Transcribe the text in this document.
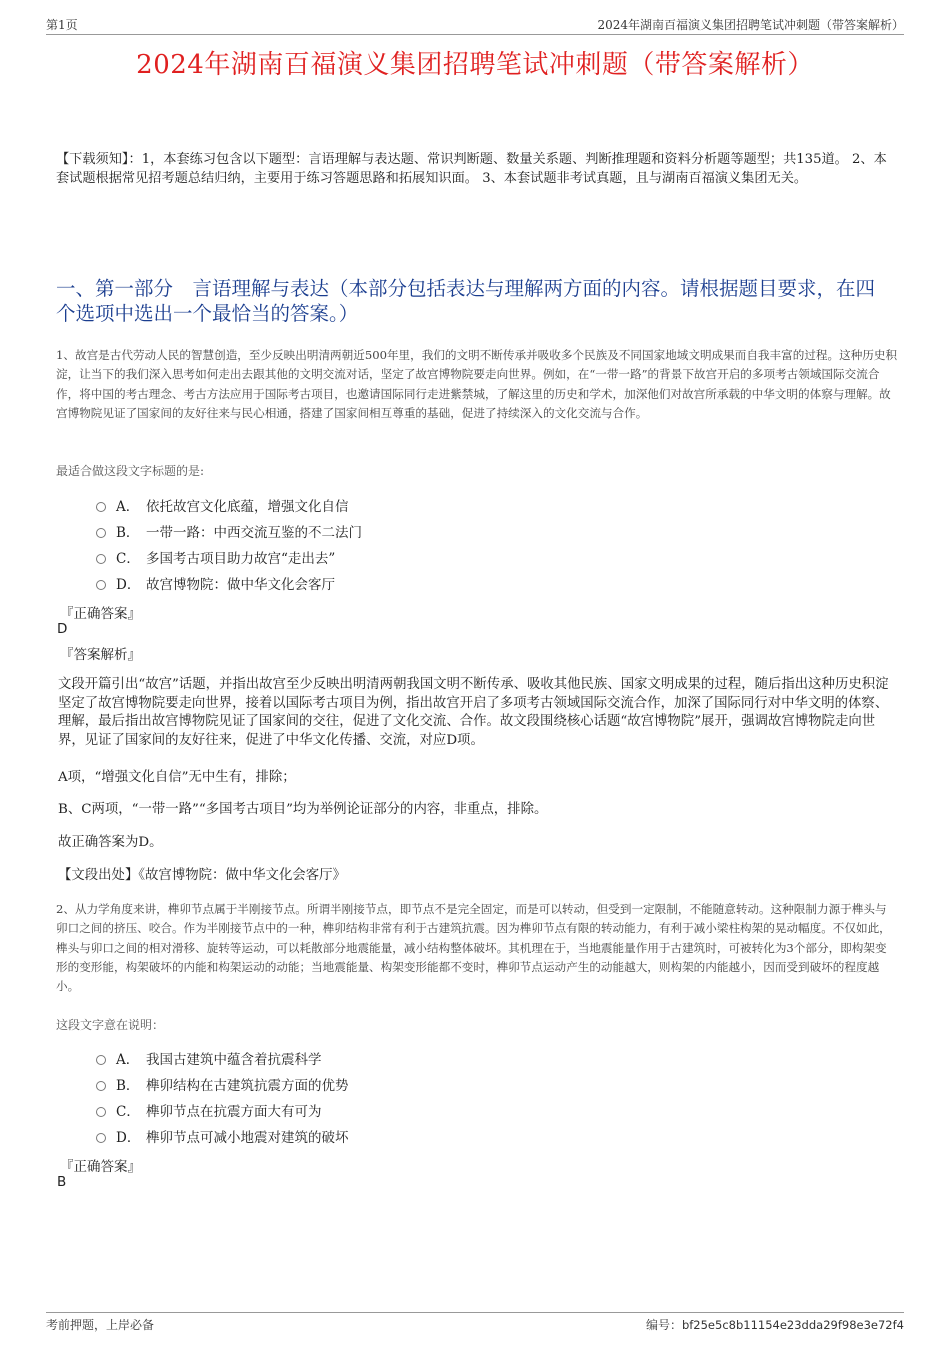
第1页	2024年湖南百福演义集团招聘笔试冲刺题（带答案解析）
2024年湖南百福演义集团招聘笔试冲刺题（带答案解析）
【下载须知】：1，本套练习包含以下题型：言语理解与表达题、常识判断题、数量关系题、判断推理题和资料分析题等题型；共135道。 2、本套试题根据常见招考题总结归纳，主要用于练习答题思路和拓展知识面。 3、本套试题非考试真题，且与湖南百福演义集团无关。
一、第一部分　言语理解与表达（本部分包括表达与理解两方面的内容。请根据题目要求，在四个选项中选出一个最恰当的答案。）
1、故宫是古代劳动人民的智慧创造，至少反映出明清两朝近500年里，我们的文明不断传承并吸收多个民族及不同国家地域文明成果而自我丰富的过程。这种历史积淀，让当下的我们深入思考如何走出去跟其他的文明交流对话，坚定了故宫博物院要走向世界。例如，在“一带一路”的背景下故宫开启的多项考古领域国际交流合作，将中国的考古理念、考古方法应用于国际考古项目，也邀请国际同行走进紫禁城，了解这里的历史和学术，加深他们对故宫所承载的中华文明的体察与理解。故宫博物院见证了国家间的友好往来与民心相通，搭建了国家间相互尊重的基础，促进了持续深入的文化交流与合作。
最适合做这段文字标题的是:
A． 依托故宫文化底蕴，增强文化自信
B． 一带一路：中西交流互鉴的不二法门
C． 多国考古项目助力故宫“走出去”
D． 故宫博物院：做中华文化会客厅
『正确答案』
D
『答案解析』
文段开篇引出“故宫”话题，并指出故宫至少反映出明清两朝我国文明不断传承、吸收其他民族、国家文明成果的过程，随后指出这种历史积淀坚定了故宫博物院要走向世界，接着以国际考古项目为例，指出故宫开启了多项考古领域国际交流合作，加深了国际同行对中华文明的体察、理解，最后指出故宫博物院见证了国家间的交往，促进了文化交流、合作。故文段围绕核心话题“故宫博物院”展开，强调故宫博物院走向世界，见证了国家间的友好往来，促进了中华文化传播、交流，对应D项。
A项，“增强文化自信”无中生有，排除；
B、C两项，“一带一路”“多国考古项目”均为举例论证部分的内容，非重点，排除。
故正确答案为D。
【文段出处】《故宫博物院：做中华文化会客厅》
2、从力学角度来讲，榫卯节点属于半刚接节点。所谓半刚接节点，即节点不是完全固定，而是可以转动，但受到一定限制，不能随意转动。这种限制力源于榫头与卯口之间的挤压、咬合。作为半刚接节点中的一种，榫卯结构非常有利于古建筑抗震。因为榫卯节点有限的转动能力，有利于减小梁柱构架的晃动幅度。不仅如此，榫头与卯口之间的相对滑移、旋转等运动，可以耗散部分地震能量，减小结构整体破坏。其机理在于，当地震能量作用于古建筑时，可被转化为3个部分，即构架变形的变形能，构架破坏的内能和构架运动的动能；当地震能量、构架变形能都不变时，榫卯节点运动产生的动能越大，则构架的内能越小，因而受到破坏的程度越小。
这段文字意在说明：
A． 我国古建筑中蕴含着抗震科学
B． 榫卯结构在古建筑抗震方面的优势
C． 榫卯节点在抗震方面大有可为
D． 榫卯节点可减小地震对建筑的破坏
『正确答案』
B
考前押题，上岸必备	编号：bf25e5c8b11154e23dda29f98e3e72f4
